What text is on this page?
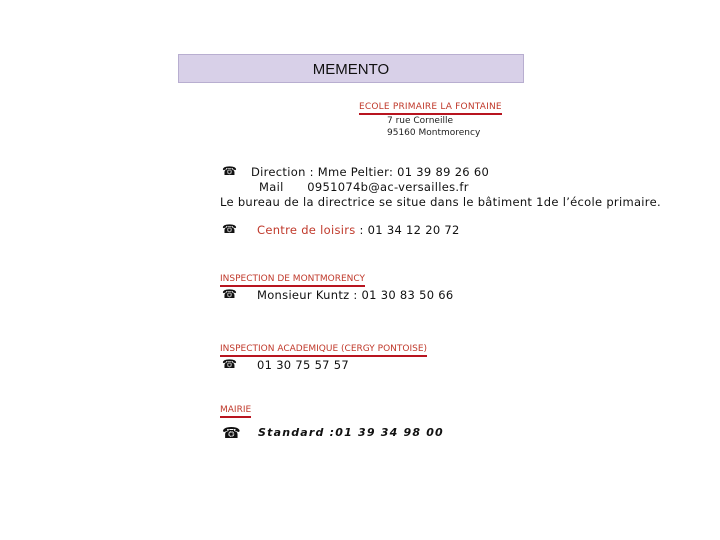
MEMENTO
ECOLE PRIMAIRE LA FONTAINE
7 rue Corneille
95160 Montmorency
☎ Direction : Mme Peltier: 01 39 89 26 60
Mail      0951074b@ac-versailles.fr
Le bureau de la directrice se situe dans le bâtiment 1de l’école primaire.
☎ Centre de loisirs : 01 34 12 20 72
INSPECTION DE MONTMORENCY
☎ Monsieur Kuntz : 01 30 83 50 66
INSPECTION ACADEMIQUE (CERGY PONTOISE)
☎ 01 30 75 57 57
MAIRIE
☎ Standard :01 39 34 98 00
